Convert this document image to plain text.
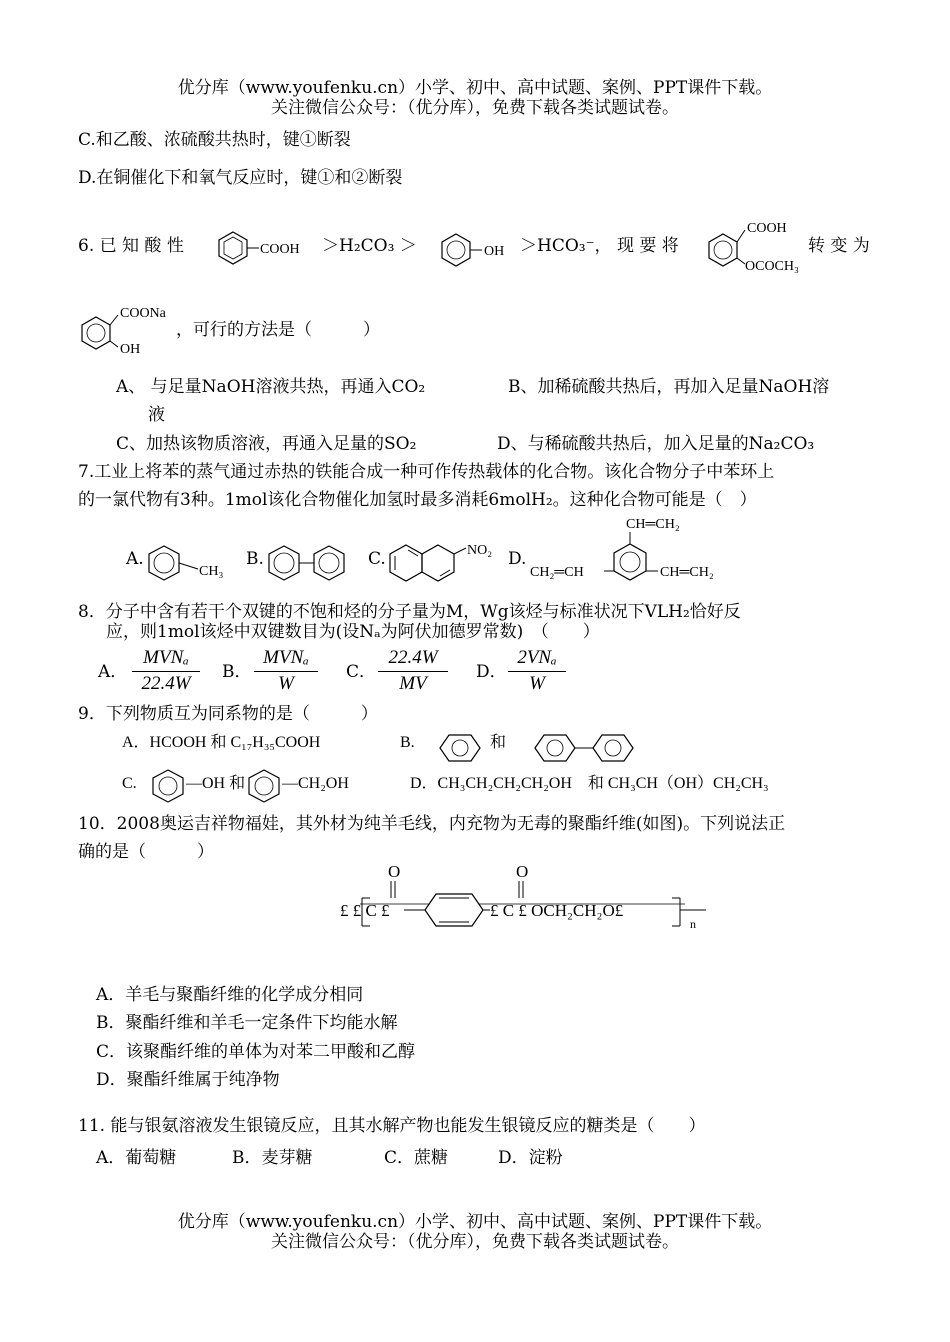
优分库（www.youfenku.cn）小学、初中、高中试题、案例、PPT课件下载。
关注微信公众号：（优分库），免费下载各类试题试卷。
C.和乙酸、浓硫酸共热时，键①断裂
D.在铜催化下和氧气反应时，键①和②断裂
6. 已 知 酸 性	COOH ＞H₂CO₃ ＞	OH ＞HCO₃⁻， 现 要 将
COOH
OCOCH₃
转 变 为
COONa
OH
，可行的方法是（　　　）
A、 与足量NaOH溶液共热，再通入CO₂	B、加稀硫酸共热后，再加入足量NaOH溶
液
C、加热该物质溶液，再通入足量的SO₂	D、与稀硫酸共热后，加入足量的Na₂CO₃
7.工业上将苯的蒸气通过赤热的铁能合成一种可作传热载体的化合物。该化合物分子中苯环上
的一氯代物有3种。1mol该化合物催化加氢时最多消耗6molH₂。这种化合物可能是（　）
A.
CH₃
B.	C.	NO₂ D.
CH═CH₂
CH₂═CH	CH═CH₂
8．分子中含有若干个双键的不饱和烃的分子量为M，Wg该烃与标准状况下VLH₂恰好反
应，则1mol该烃中双键数目为(设Nₐ为阿伏加德罗常数)　（　　）
A．
MVNₐ
22.4W
B．
MVNₐ
W
C．
22.4W
MV
D．
2VNₐ
W
9．下列物质互为同系物的是（　　　）
A．HCOOH 和 C₁₇H₃₅COOH	B.	和
C.	—OH 和 —CH₂OH	D．CH₃CH₂CH₂CH₂OH　和 CH₃CH（OH）CH₂CH₃
10．2008奥运吉祥物福娃，其外材为纯羊毛线，内充物为无毒的聚酯纤维(如图)。下列说法正
确的是（　　　）
O	O
£ £ C £	£ C £ OCH₂CH₂O£
n
A．羊毛与聚酯纤维的化学成分相同
B．聚酯纤维和羊毛一定条件下均能水解
C．该聚酯纤维的单体为对苯二甲酸和乙醇
D．聚酯纤维属于纯净物
11. 能与银氨溶液发生银镜反应，且其水解产物也能发生银镜反应的糖类是（　　）
A．葡萄糖	B．麦芽糖	C．蔗糖	D．淀粉
优分库（www.youfenku.cn）小学、初中、高中试题、案例、PPT课件下载。
关注微信公众号：（优分库），免费下载各类试题试卷。
